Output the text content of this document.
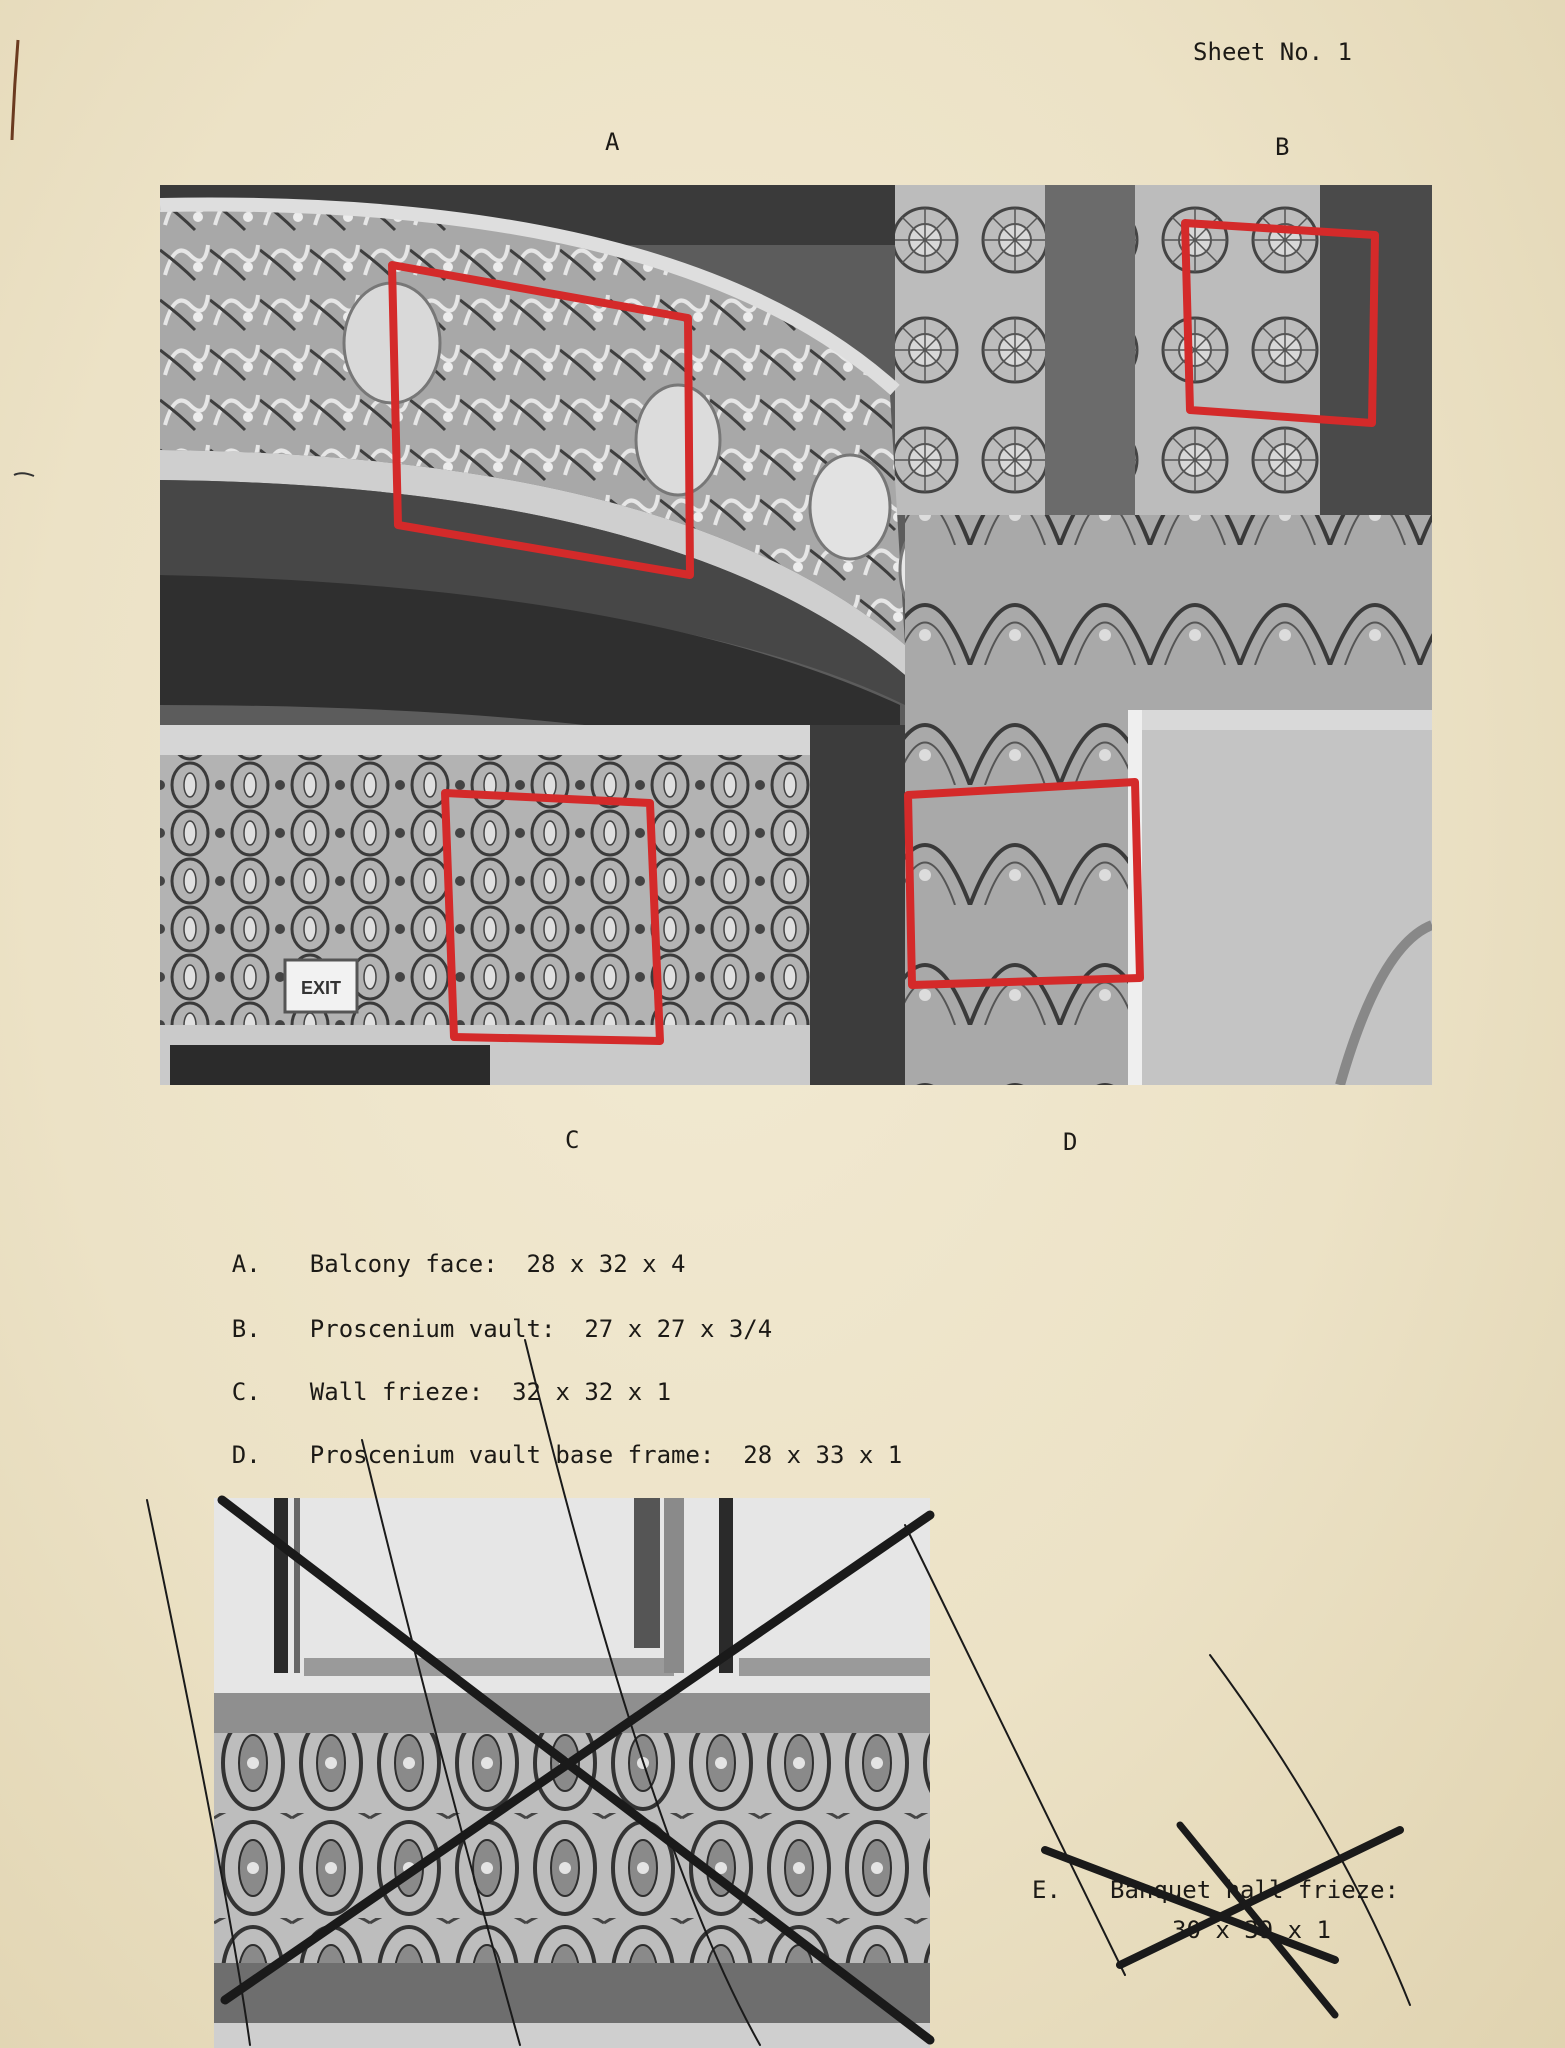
Sheet No. 1
A	B
C	D
EXIT

A. Balcony face: 28 x 32 x 4

B. Proscenium vault: 27 x 27 x 3/4

C. Wall frieze: 32 x 32 x 1

D. Proscenium vault base frame: 28 x 33 x 1

E. Banquet hall frieze:
30 x 39 x 1
